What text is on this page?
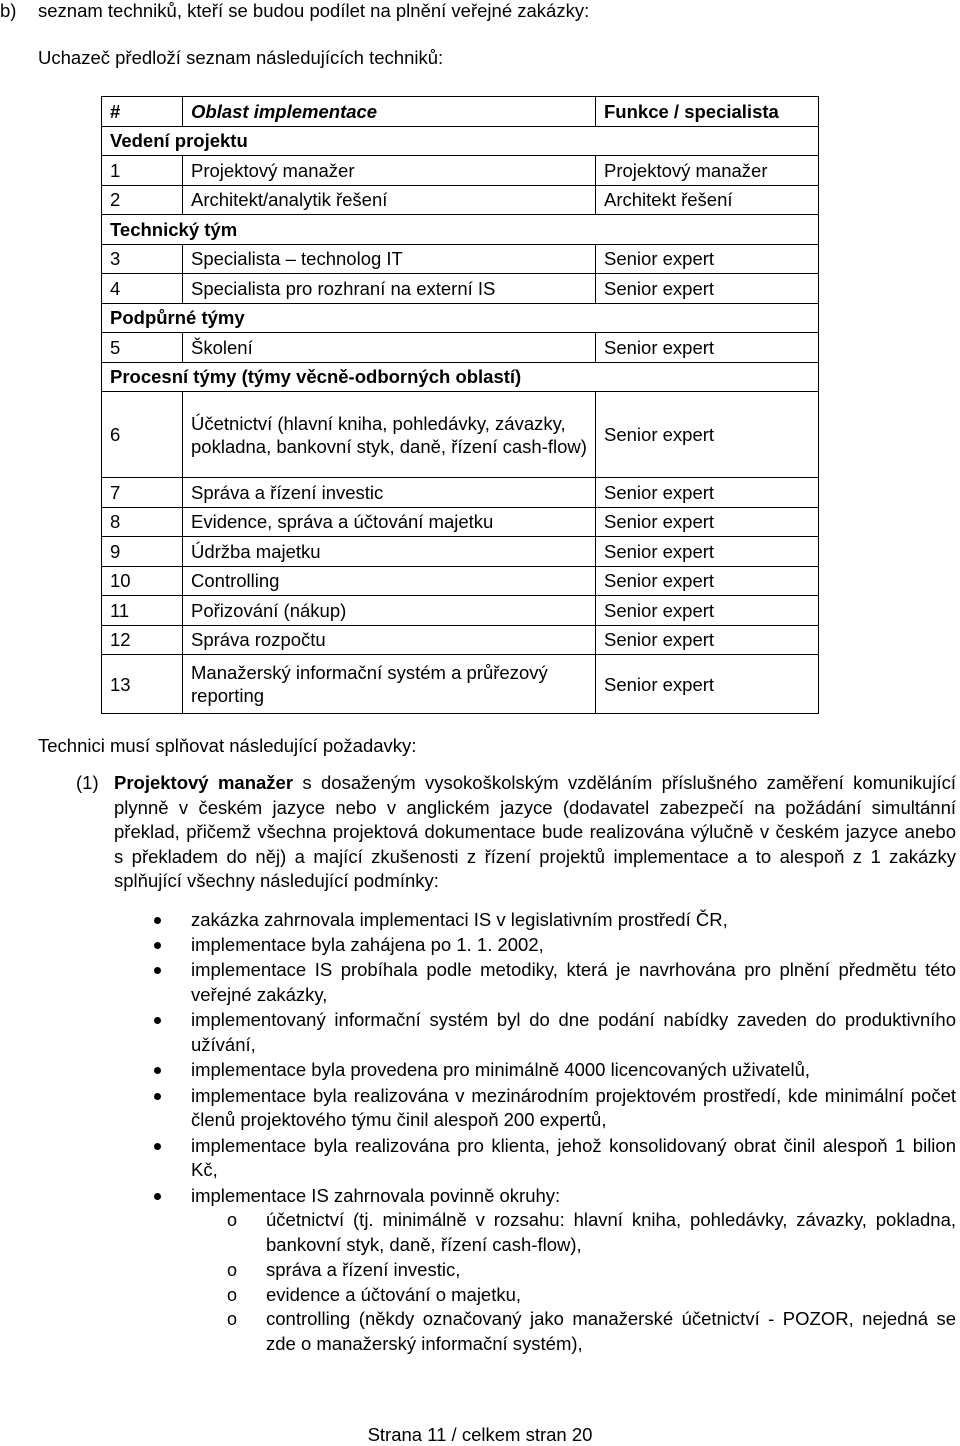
b) seznam techniků, kteří se budou podílet na plnění veřejné zakázky:
Uchazeč předloží seznam následujících techniků:
#	Oblast implementace	Funkce / specialista
Vedení projektu		
1	Projektový manažer	Projektový manažer
2	Architekt/analytik řešení	Architekt řešení
Technický tým		
3	Specialista – technolog IT	Senior expert
4	Specialista pro rozhraní na externí IS	Senior expert
Podpůrné týmy		
5	Školení	Senior expert
Procesní týmy (týmy věcně-odborných oblastí)		
6	Účetnictví (hlavní kniha, pohledávky, závazky, pokladna, bankovní styk, daně, řízení cash-flow)	Senior expert
7	Správa a řízení investic	Senior expert
8	Evidence, správa a účtování majetku	Senior expert
9	Údržba majetku	Senior expert
10	Controlling	Senior expert
11	Pořizování (nákup)	Senior expert
12	Správa rozpočtu	Senior expert
13	Manažerský informační systém a průřezový reporting	Senior expert
Technici musí splňovat následující požadavky:
(1) Projektový manažer s dosaženým vysokoškolským vzděláním příslušného zaměření komunikující plynně v českém jazyce nebo v anglickém jazyce (dodavatel zabezpečí na požádání simultánní překlad, přičemž všechna projektová dokumentace bude realizována výlučně v českém jazyce anebo s překladem do něj) a mající zkušenosti z řízení projektů implementace a to alespoň z 1 zakázky splňující všechny následující podmínky:
zakázka zahrnovala implementaci IS v legislativním prostředí ČR,
implementace byla zahájena po 1. 1. 2002,
implementace IS probíhala podle metodiky, která je navrhována pro plnění předmětu této veřejné zakázky,
implementovaný informační systém byl do dne podání nabídky zaveden do produktivního užívání,
implementace byla provedena pro minimálně 4000 licencovaných uživatelů,
implementace byla realizována v mezinárodním projektovém prostředí, kde minimální počet členů projektového týmu činil alespoň 200 expertů,
implementace byla realizována pro klienta, jehož konsolidovaný obrat činil alespoň 1 bilion Kč,
implementace IS zahrnovala povinně okruhy:
o účetnictví (tj. minimálně v rozsahu: hlavní kniha, pohledávky, závazky, pokladna, bankovní styk, daně, řízení cash-flow),
o správa a řízení investic,
o evidence a účtování o majetku,
o controlling (někdy označovaný jako manažerské účetnictví - POZOR, nejedná se zde o manažerský informační systém),
Strana 11 / celkem stran 20
